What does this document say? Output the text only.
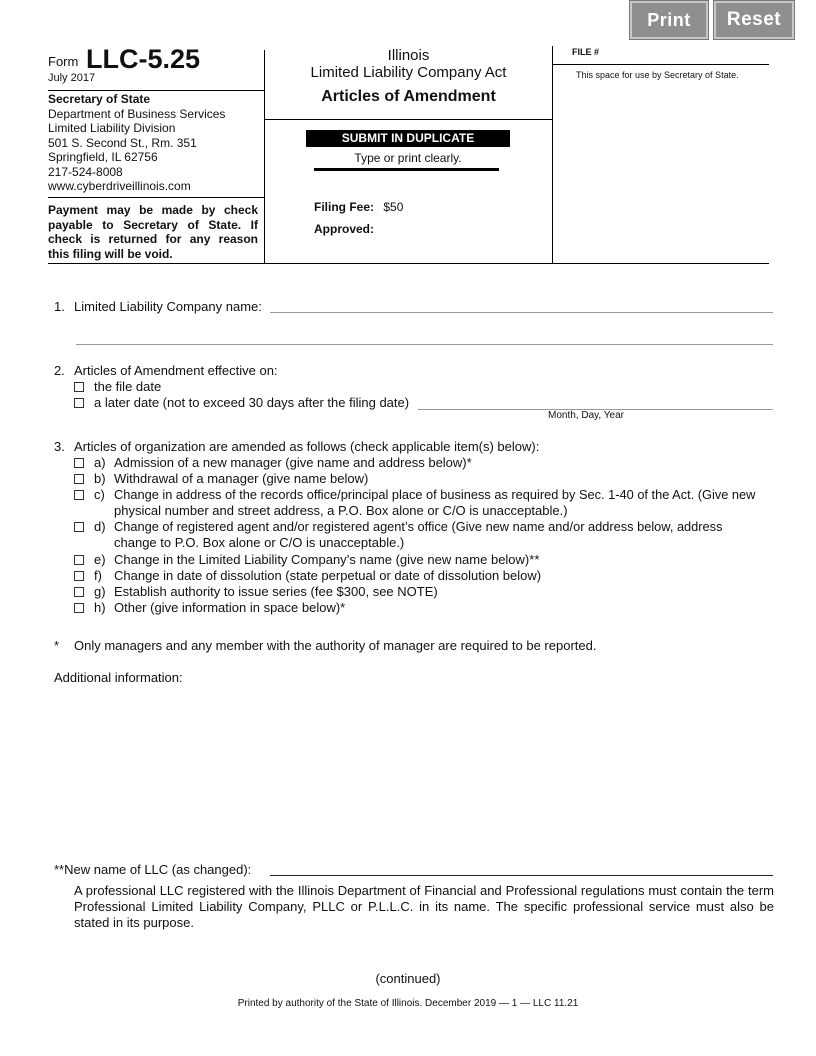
Print	Reset
Form LLC-5.25
July 2017
Secretary of State
Department of Business Services
Limited Liability Division
501 S. Second St., Rm. 351
Springfield, IL 62756
217-524-8008
www.cyberdriveillinois.com
Payment may be made by check payable to Secretary of State. If check is returned for any reason this filing will be void.
Illinois
Limited Liability Company Act
Articles of Amendment
SUBMIT IN DUPLICATE
Type or print clearly.
Filing Fee: $50
Approved:
FILE #
This space for use by Secretary of State.
1. Limited Liability Company name:
2. Articles of Amendment effective on:
the file date
a later date (not to exceed 30 days after the filing date)
Month, Day, Year
3. Articles of organization are amended as follows (check applicable item(s) below):
a) Admission of a new manager (give name and address below)*
b) Withdrawal of a manager (give name below)
c) Change in address of the records office/principal place of business as required by Sec. 1-40 of the Act. (Give new
physical number and street address, a P.O. Box alone or C/O is unacceptable.)
d) Change of registered agent and/or registered agent’s office (Give new name and/or address below, address
change to P.O. Box alone or C/O is unacceptable.)
e) Change in the Limited Liability Company’s name (give new name below)**
f) Change in date of dissolution (state perpetual or date of dissolution below)
g) Establish authority to issue series (fee $300, see NOTE)
h) Other (give information in space below)*
* Only managers and any member with the authority of manager are required to be reported.
Additional information:
**New name of LLC (as changed):
A professional LLC registered with the Illinois Department of Financial and Professional regulations must contain the term Professional Limited Liability Company, PLLC or P.L.L.C. in its name. The specific professional service must also be stated in its purpose.
(continued)
Printed by authority of the State of Illinois. December 2019 — 1 — LLC 11.21
